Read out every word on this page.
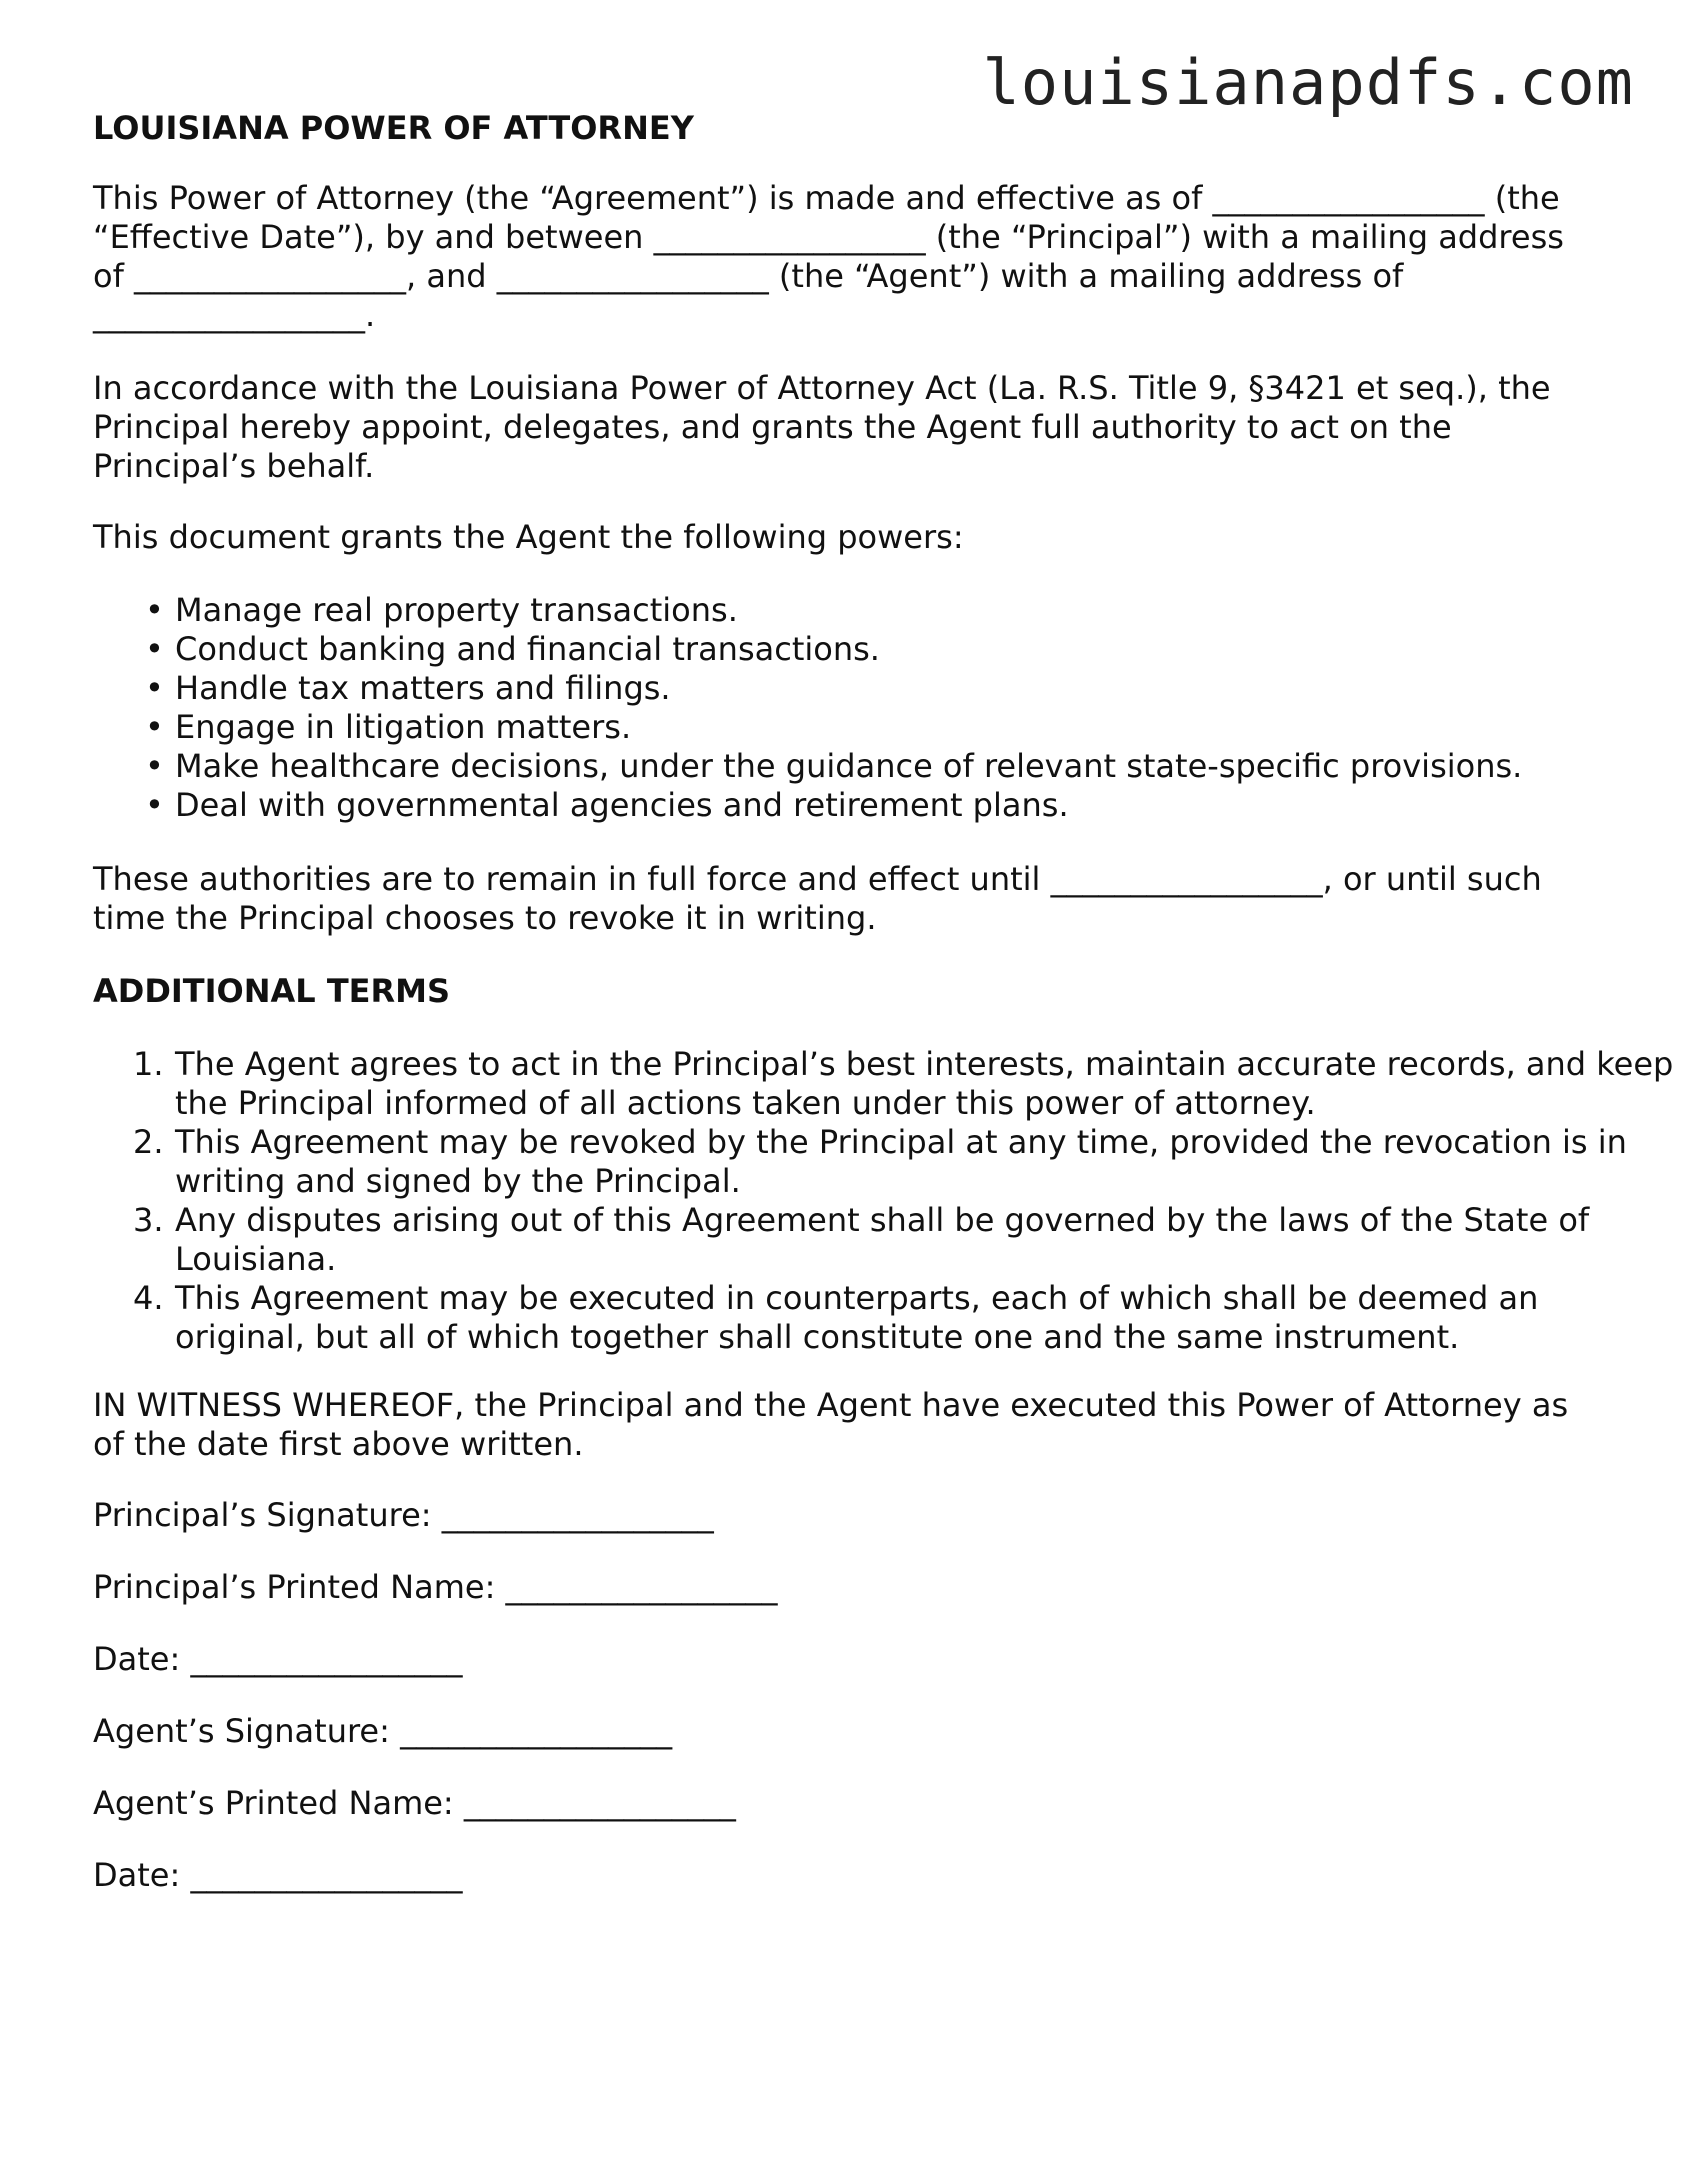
louisianapdfs.com

LOUISIANA POWER OF ATTORNEY

This Power of Attorney (the “Agreement”) is made and effective as of _________________ (the “Effective Date”), by and between _________________ (the “Principal”) with a mailing address of _________________, and _________________ (the “Agent”) with a mailing address of _________________.

In accordance with the Louisiana Power of Attorney Act (La. R.S. Title 9, §3421 et seq.), the Principal hereby appoint, delegates, and grants the Agent full authority to act on the Principal’s behalf.

This document grants the Agent the following powers:

• Manage real property transactions.
• Conduct banking and financial transactions.
• Handle tax matters and filings.
• Engage in litigation matters.
• Make healthcare decisions, under the guidance of relevant state-specific provisions.
• Deal with governmental agencies and retirement plans.

These authorities are to remain in full force and effect until _________________, or until such time the Principal chooses to revoke it in writing.

ADDITIONAL TERMS

1. The Agent agrees to act in the Principal’s best interests, maintain accurate records, and keep the Principal informed of all actions taken under this power of attorney.
2. This Agreement may be revoked by the Principal at any time, provided the revocation is in writing and signed by the Principal.
3. Any disputes arising out of this Agreement shall be governed by the laws of the State of Louisiana.
4. This Agreement may be executed in counterparts, each of which shall be deemed an original, but all of which together shall constitute one and the same instrument.

IN WITNESS WHEREOF, the Principal and the Agent have executed this Power of Attorney as of the date first above written.

Principal’s Signature: _________________

Principal’s Printed Name: _________________

Date: _________________

Agent’s Signature: _________________

Agent’s Printed Name: _________________

Date: _________________
